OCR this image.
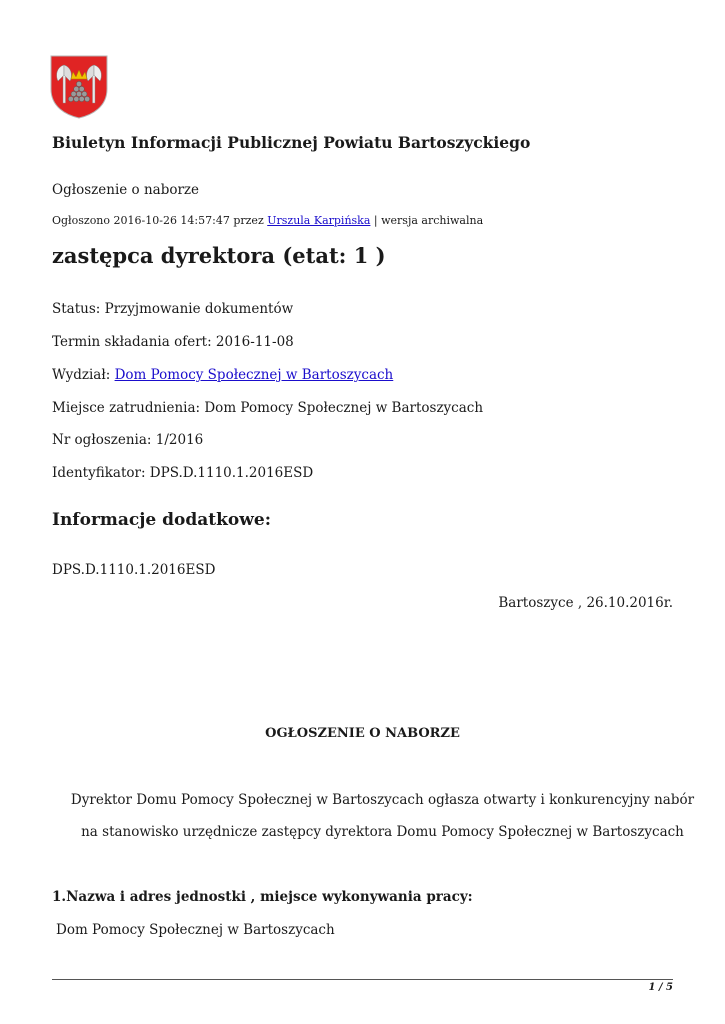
Biuletyn Informacji Publicznej Powiatu Bartoszyckiego
Ogłoszenie o naborze
Ogłoszono 2016-10-26 14:57:47 przez Urszula Karpińska | wersja archiwalna
zastępca dyrektora (etat: 1 )
Status: Przyjmowanie dokumentów
Termin składania ofert: 2016-11-08
Wydział: Dom Pomocy Społecznej w Bartoszycach
Miejsce zatrudnienia: Dom Pomocy Społecznej w Bartoszycach
Nr ogłoszenia: 1/2016
Identyfikator: DPS.D.1110.1.2016ESD
Informacje dodatkowe:
DPS.D.1110.1.2016ESD
Bartoszyce , 26.10.2016r.
OGŁOSZENIE O NABORZE
Dyrektor Domu Pomocy Społecznej w Bartoszycach ogłasza otwarty i konkurencyjny nabór
na stanowisko urzędnicze zastępcy dyrektora Domu Pomocy Społecznej w Bartoszycach
1.Nazwa i adres jednostki , miejsce wykonywania pracy:
Dom Pomocy Społecznej w Bartoszycach
1 / 5
